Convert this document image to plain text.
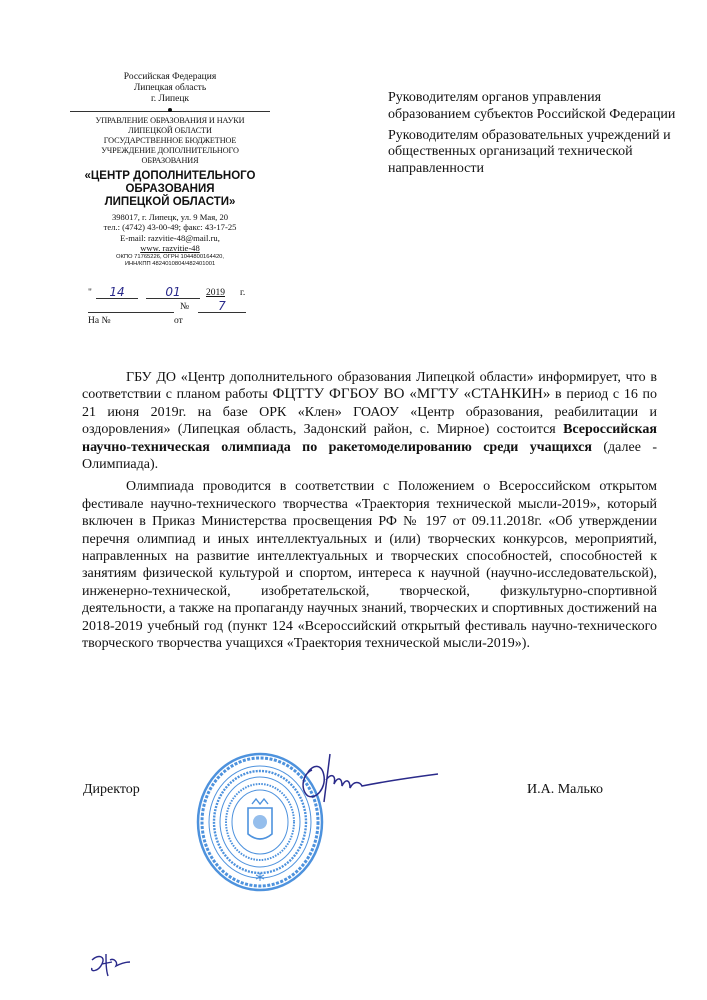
Российская Федерация
Липецкая область
г. Липецк
УПРАВЛЕНИЕ ОБРАЗОВАНИЯ И НАУКИ
ЛИПЕЦКОЙ ОБЛАСТИ
ГОСУДАРСТВЕННОЕ БЮДЖЕТНОЕ
УЧРЕЖДЕНИЕ ДОПОЛНИТЕЛЬНОГО
ОБРАЗОВАНИЯ
«ЦЕНТР ДОПОЛНИТЕЛЬНОГО
ОБРАЗОВАНИЯ
ЛИПЕЦКОЙ ОБЛАСТИ»
398017, г. Липецк, ул. 9 Мая, 20
тел.: (4742) 43-00-49; факс: 43-17-25
E-mail: razvitie-48@mail.ru,
www. razvitie-48
ОКПО 71765226, ОГРН 1044800164420,
ИНН/КПП 4824010804/482401001
"	14	01	2019 г.
№	7
На №	от

Руководителям органов управления образованием субъектов Российской Федерации

Руководителям образовательных учреждений и общественных организаций технической направленности

ГБУ ДО «Центр дополнительного образования Липецкой области» информирует, что в соответствии с планом работы ФЦТТУ ФГБОУ ВО «МГТУ «СТАНКИН» в период с 16 по 21 июня 2019г. на базе ОРК «Клен» ГОАОУ «Центр образования, реабилитации и оздоровления» (Липецкая область, Задонский район, с. Мирное) состоится Всероссийская научно-техническая олимпиада по ракетомоделированию среди учащихся (далее - Олимпиада).

Олимпиада проводится в соответствии с Положением о Всероссийском открытом фестивале научно-технического творчества «Траектория технической мысли-2019», который включен в Приказ Министерства просвещения РФ № 197 от 09.11.2018г. «Об утверждении перечня олимпиад и иных интеллектуальных и (или) творческих конкурсов, мероприятий, направленных на развитие интеллектуальных и творческих способностей, способностей к занятиям физической культурой и спортом, интереса к научной (научно-исследовательской), инженерно-технической, изобретательской, творческой, физкультурно-спортивной деятельности, а также на пропаганду научных знаний, творческих и спортивных достижений на 2018-2019 учебный год (пункт 124 «Всероссийский открытый фестиваль научно-технического творческого творчества учащихся «Траектория технической мысли-2019»).

Директор	И.А. Малько
